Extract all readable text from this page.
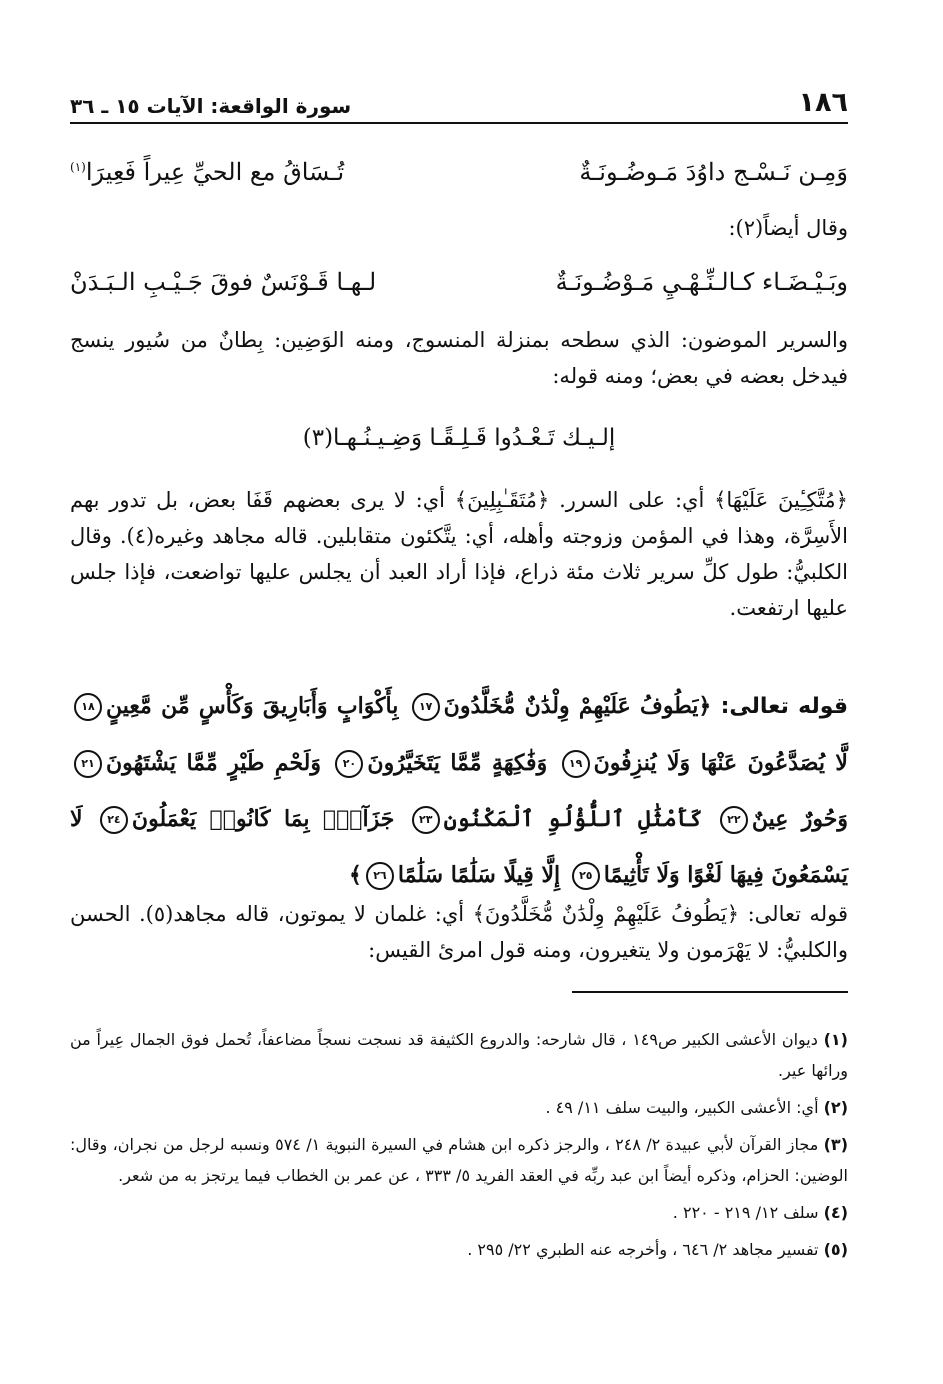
١٨٦
سورة الواقعة: الآيات ١٥ ـ ٣٦
وَمِـن نَـسْـج داوُدَ مَـوضُـونَـةٌ
تُـسَاقُ مع الحيِّ عِيراً فَعِيرَا$^{(١)}$
وقال أيضاً(٢):
وبَـيْـضَـاء كـالـنِّـهْـيِ مَـوْضُـونَـةٌ
لـهـا قَـوْنَسٌ فوقَ جَـيْـبِ الـبَـدَنْ
والسرير الموضون: الذي سطحه بمنزلة المنسوج، ومنه الوَضِين: بِطانٌ من سُيور ينسج فيدخل بعضه في بعض؛ ومنه قوله:
إلـيـك تَـعْـدُوا قَـلِـقًـا وَضِـيـنُـهـا(٣)
﴿مُتَّكِـِٔينَ عَلَيْهَا﴾ أي: على السرر. ﴿مُتَقَـٰبِلِينَ﴾ أي: لا يرى بعضهم قَفَا بعض، بل تدور بهم الأَسِرَّة، وهذا في المؤمن وزوجته وأهله، أي: يتَّكئون متقابلين. قاله مجاهد وغيره(٤). وقال الكلبيُّ: طول كلِّ سرير ثلاث مئة ذراع، فإذا أراد العبد أن يجلس عليها تواضعت، فإذا جلس عليها ارتفعت.
قوله تعالى: ﴿يَطُوفُ عَلَيْهِمْ وِلْدَٰنٌ مُّخَلَّدُونَ١٧ بِأَكْوَابٍ وَأَبَارِيقَ وَكَأْسٍ مِّن مَّعِينٍ١٨ لَّا يُصَدَّعُونَ عَنْهَا وَلَا يُنزِفُونَ١٩ وَفَٰكِهَةٍ مِّمَّا يَتَخَيَّرُونَ٢٠ وَلَحْمِ طَيْرٍ مِّمَّا يَشْتَهُونَ٢١ وَحُورٌ عِينٌ٢٢ كَأَمْثَٰلِ ٱللُّؤْلُوِ ٱلْمَكْنُونِ٢٣ جَزَآءًۢ بِمَا كَانُوا۟ يَعْمَلُونَ٢٤ لَا يَسْمَعُونَ فِيهَا لَغْوًا وَلَا تَأْثِيمًا٢٥ إِلَّا قِيلًا سَلَٰمًا سَلَٰمًا٢٦﴾
قوله تعالى: ﴿يَطُوفُ عَلَيْهِمْ وِلْدَٰنٌ مُّخَلَّدُونَ﴾ أي: غلمان لا يموتون، قاله مجاهد(٥). الحسن والكلبيُّ: لا يَهْرَمون ولا يتغيرون، ومنه قول امرئ القيس:
(١) ديوان الأعشى الكبير ص١٤٩ ، قال شارحه: والدروع الكثيفة قد نسجت نسجاً مضاعفاً، تُحمل فوق الجمال عِيراً من ورائها عير.
(٢) أي: الأعشى الكبير، والبيت سلف ١١/ ٤٩ .
(٣) مجاز القرآن لأبي عبيدة ٢/ ٢٤٨ ، والرجز ذكره ابن هشام في السيرة النبوية ١/ ٥٧٤ ونسبه لرجل من نجران، وقال: الوضين: الحزام، وذكره أيضاً ابن عبد ربِّه في العقد الفريد ٥/ ٣٣٣ ، عن عمر بن الخطاب فيما يرتجز به من شعر.
(٤) سلف ١٢/ ٢١٩ - ٢٢٠ .
(٥) تفسير مجاهد ٢/ ٦٤٦ ، وأخرجه عنه الطبري ٢٢/ ٢٩٥ .
